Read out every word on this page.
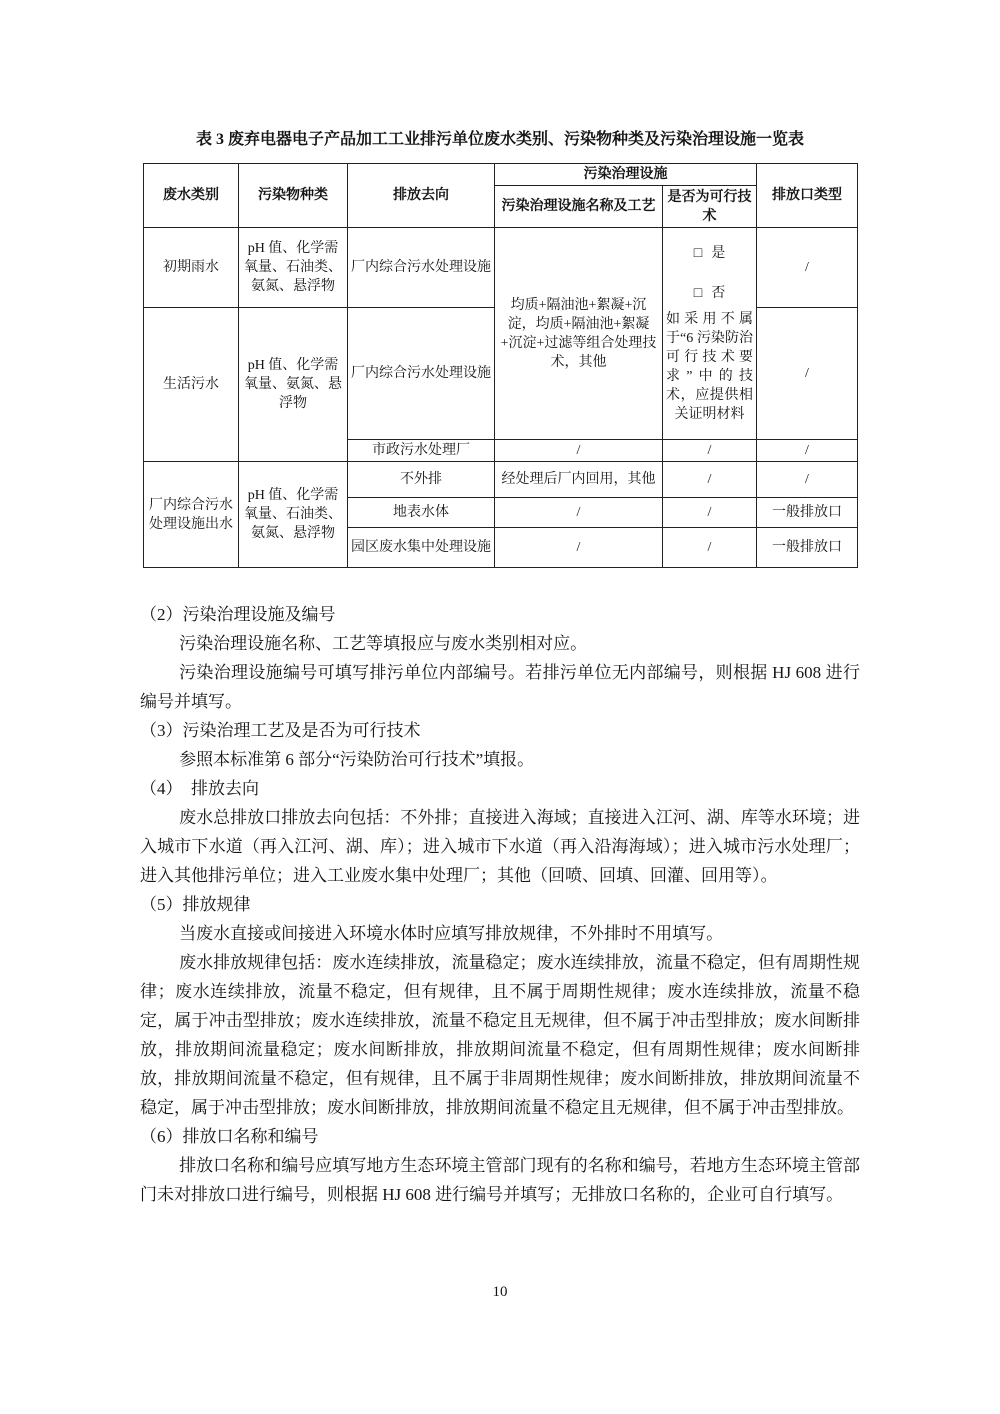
表 3 废弃电器电子产品加工工业排污单位废水类别、污染物种类及污染治理设施一览表
废水类别	污染物种类	排放去向	污染治理设施		排放口类型
			污染治理设施名称及工艺	是否为可行技术	
初期雨水	pH 值、化学需氧量、石油类、氨氮、悬浮物	厂内综合污水处理设施	均质+隔油池+絮凝+沉淀，均质+隔油池+絮凝+沉淀+过滤等组合处理技术，其他	□ 是
□ 否
如采用不属于“6 污染防治可行技术要求”中的技术，应提供相关证明材料	/
生活污水	pH 值、化学需氧量、氨氮、悬浮物	厂内综合污水处理设施			/
		市政污水处理厂	/	/	/
厂内综合污水处理设施出水	pH 值、化学需氧量、石油类、氨氮、悬浮物	不外排	经处理后厂内回用，其他	/	/
		地表水体	/	/	一般排放口
		园区废水集中处理设施	/	/	一般排放口

（2）污染治理设施及编号

污染治理设施名称、工艺等填报应与废水类别相对应。

污染治理设施编号可填写排污单位内部编号。若排污单位无内部编号，则根据 HJ 608 进行编号并填写。

（3）污染治理工艺及是否为可行技术

参照本标准第 6 部分“污染防治可行技术”填报。

（4）　排放去向

废水总排放口排放去向包括：不外排；直接进入海域；直接进入江河、湖、库等水环境；进入城市下水道（再入江河、湖、库）；进入城市下水道（再入沿海海域）；进入城市污水处理厂；进入其他排污单位；进入工业废水集中处理厂；其他（回喷、回填、回灌、回用等）。

（5）排放规律

当废水直接或间接进入环境水体时应填写排放规律，不外排时不用填写。

废水排放规律包括：废水连续排放，流量稳定；废水连续排放，流量不稳定，但有周期性规律；废水连续排放，流量不稳定，但有规律，且不属于周期性规律；废水连续排放，流量不稳定，属于冲击型排放；废水连续排放，流量不稳定且无规律，但不属于冲击型排放；废水间断排放，排放期间流量稳定；废水间断排放，排放期间流量不稳定，但有周期性规律；废水间断排放，排放期间流量不稳定，但有规律，且不属于非周期性规律；废水间断排放，排放期间流量不稳定，属于冲击型排放；废水间断排放，排放期间流量不稳定且无规律，但不属于冲击型排放。

（6）排放口名称和编号

排放口名称和编号应填写地方生态环境主管部门现有的名称和编号，若地方生态环境主管部门未对排放口进行编号，则根据 HJ 608 进行编号并填写；无排放口名称的，企业可自行填写。

10
